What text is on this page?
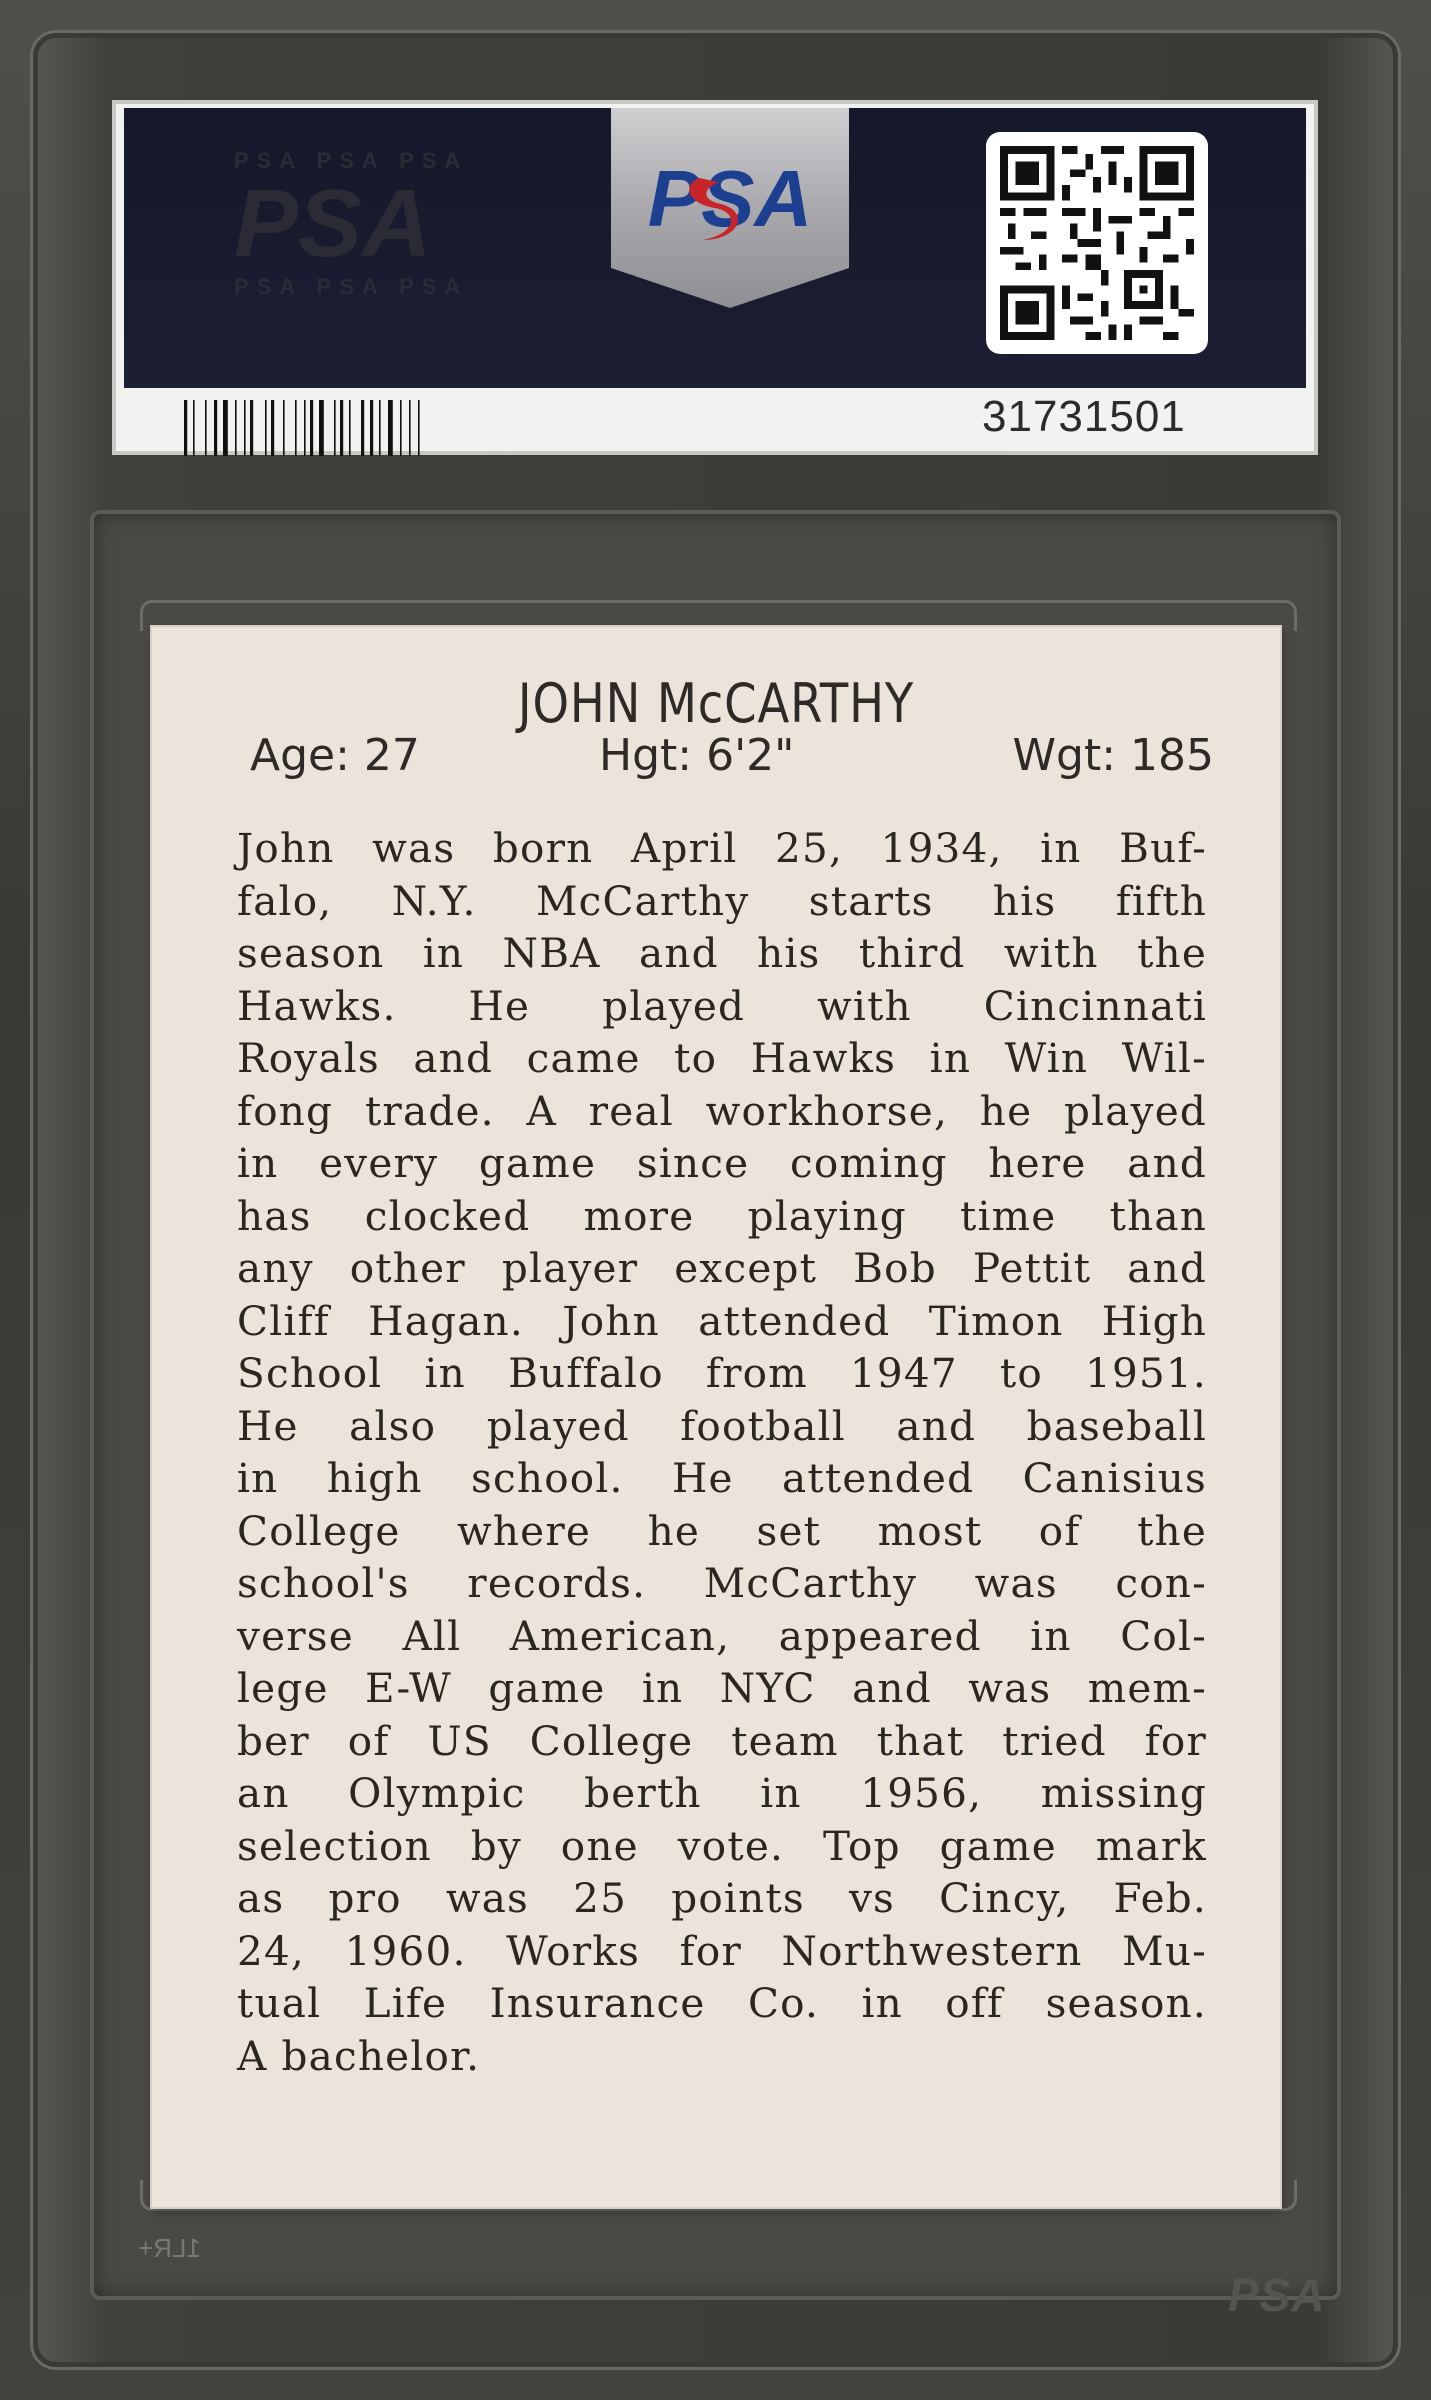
PSA PSA PSA
PSA
PSA PSA PSA
PSA
31731501
JOHN McCARTHY
Age: 27	Hgt: 6'2"	Wgt: 185
John was born April 25, 1934, in Buf-
falo, N.Y. McCarthy starts his fifth
season in NBA and his third with the
Hawks. He played with Cincinnati
Royals and came to Hawks in Win Wil-
fong trade. A real workhorse, he played
in every game since coming here and
has clocked more playing time than
any other player except Bob Pettit and
Cliff Hagan. John attended Timon High
School in Buffalo from 1947 to 1951.
He also played football and baseball
in high school. He attended Canisius
College where he set most of the
school's records. McCarthy was con-
verse All American, appeared in Col-
lege E-W game in NYC and was mem-
ber of US College team that tried for
an Olympic berth in 1956, missing
selection by one vote. Top game mark
as pro was 25 points vs Cincy, Feb.
24, 1960. Works for Northwestern Mu-
tual Life Insurance Co. in off season.
A bachelor.
1LR+
PSA
